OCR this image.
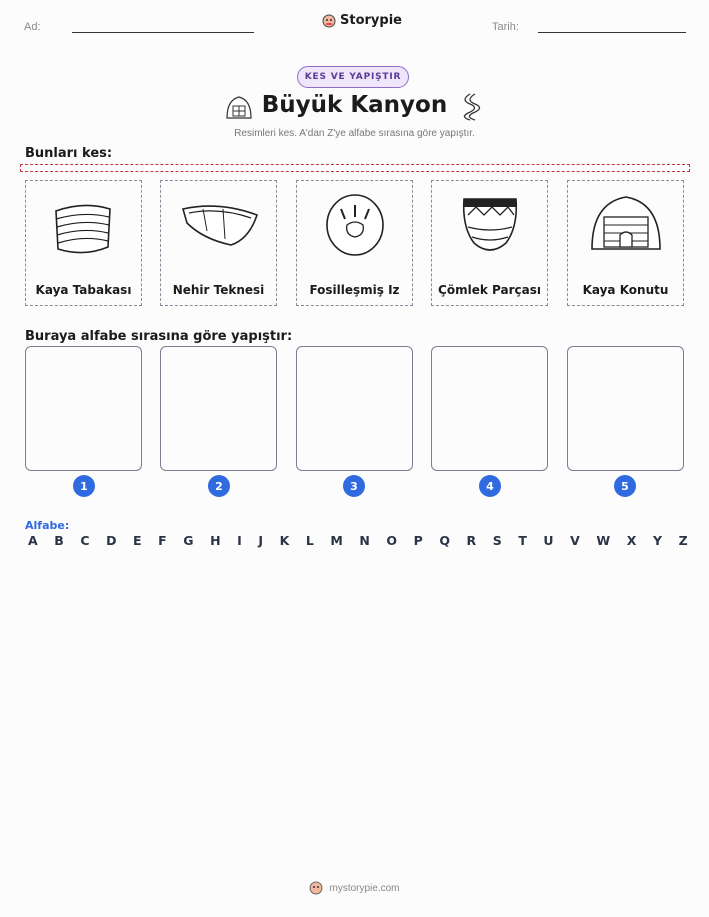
Ad:	Storypie	Tarih:
KES VE YAPIŞTIR
Büyük Kanyon
Resimleri kes. A'dan Z'ye alfabe sırasına göre yapıştır.
Bunları kes:
Kaya Tabakası	Nehir Teknesi	Fosilleşmiş Iz	Çömlek Parçası	Kaya Konutu
Buraya alfabe sırasına göre yapıştır:
1	2	3	4	5
Alfabe:
A B C D E F G H I J K L M N O P Q R S T U V W X Y Z
mystorypie.com
